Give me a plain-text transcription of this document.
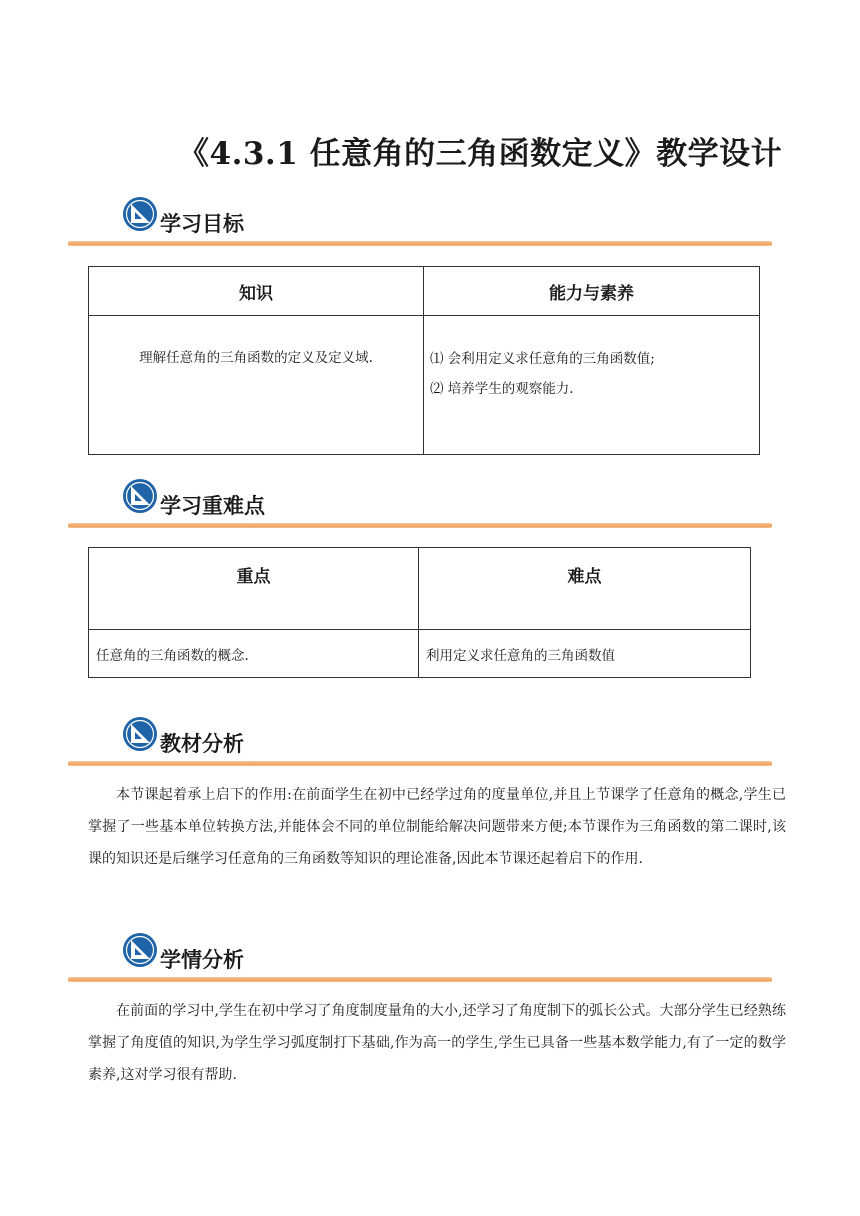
《4.3.1 任意角的三角函数定义》教学设计
学习目标
知识	能力与素养
理解任意角的三角函数的定义及定义域.	⑴ 会利用定义求任意角的三角函数值;
⑵ 培养学生的观察能力.
学习重难点
重点	难点
任意角的三角函数的概念.	利用定义求任意角的三角函数值
教材分析

本节课起着承上启下的作用:在前面学生在初中已经学过角的度量单位,并且上节课学了任意角的概念,学生已掌握了一些基本单位转换方法,并能体会不同的单位制能给解决问题带来方便;本节课作为三角函数的第二课时,该课的知识还是后继学习任意角的三角函数等知识的理论准备,因此本节课还起着启下的作用.

学情分析

在前面的学习中,学生在初中学习了角度制度量角的大小,还学习了角度制下的弧长公式。大部分学生已经熟练掌握了角度值的知识,为学生学习弧度制打下基础,作为高一的学生,学生已具备一些基本数学能力,有了一定的数学素养,这对学习很有帮助.
